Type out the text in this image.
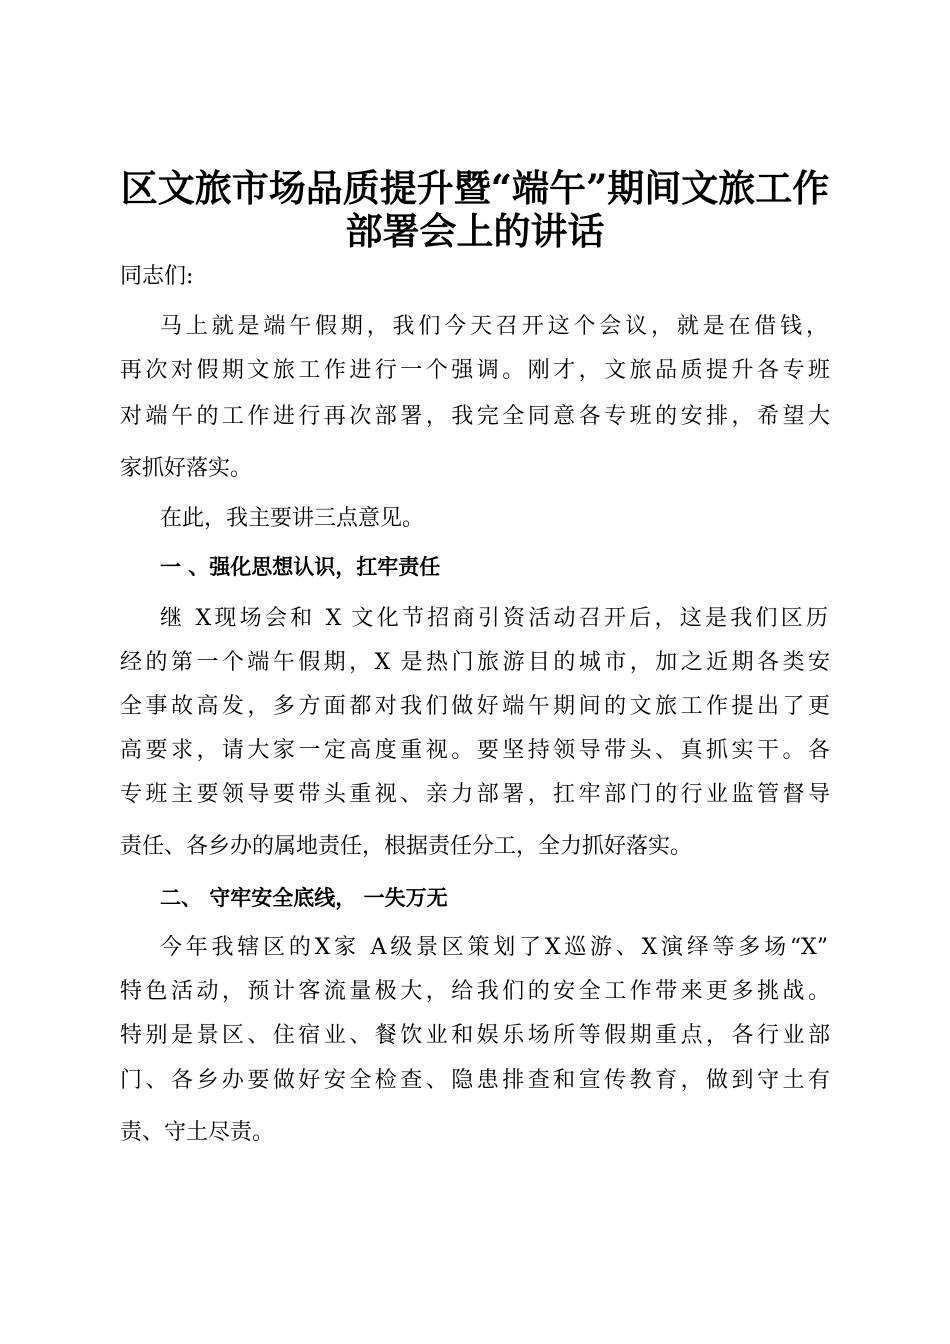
区文旅市场品质提升暨“端午”期间文旅工作
部署会上的讲话
同志们:
马上就是端午假期，我们今天召开这个会议，就是在借钱，
再次对假期文旅工作进行一个强调。刚才，文旅品质提升各专班
对端午的工作进行再次部署，我完全同意各专班的安排，希望大
家抓好落实。
在此，我主要讲三点意见。
一 、强化思想认识，扛牢责任
继 X现场会和 X 文化节招商引资活动召开后，这是我们区历
经的第一个端午假期，X 是热门旅游目的城市，加之近期各类安
全事故高发，多方面都对我们做好端午期间的文旅工作提出了更
高要求，请大家一定高度重视。要坚持领导带头、真抓实干。各
专班主要领导要带头重视、亲力部署，扛牢部门的行业监管督导
责任、各乡办的属地责任，根据责任分工，全力抓好落实。
二、 守牢安全底线， 一失万无
今年我辖区的X家 A级景区策划了X巡游、X演绎等多场“X”
特色活动，预计客流量极大，给我们的安全工作带来更多挑战。
特别是景区、住宿业、餐饮业和娱乐场所等假期重点，各行业部
门、各乡办要做好安全检查、隐患排查和宣传教育，做到守土有
责、守土尽责。
